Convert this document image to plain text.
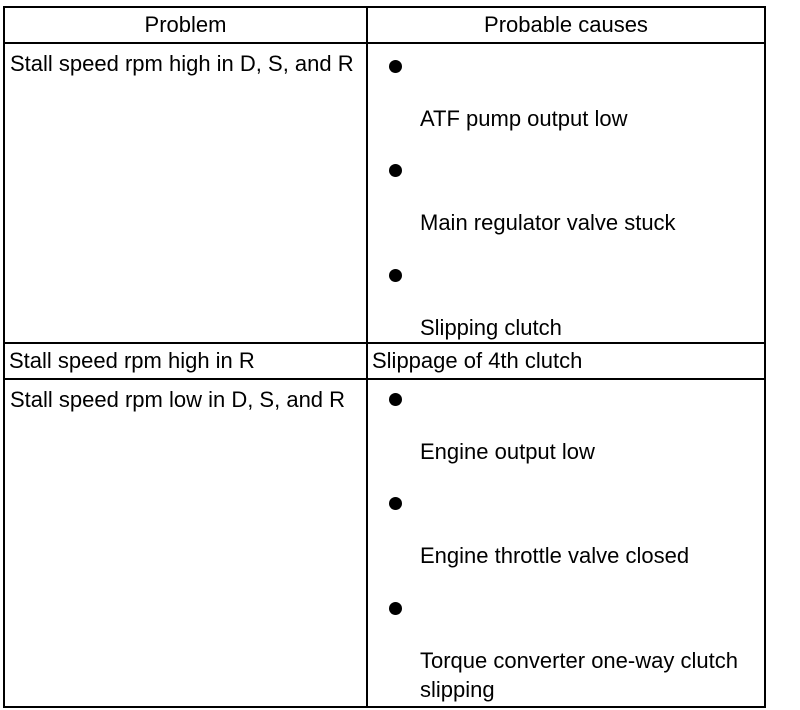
Problem	Probable causes
Stall speed rpm high in D, S, and R
ATF pump output low
Main regulator valve stuck
Slipping clutch
Stall speed rpm high in R	Slippage of 4th clutch
Stall speed rpm low in D, S, and R
Engine output low
Engine throttle valve closed
Torque converter one-way clutch slipping
